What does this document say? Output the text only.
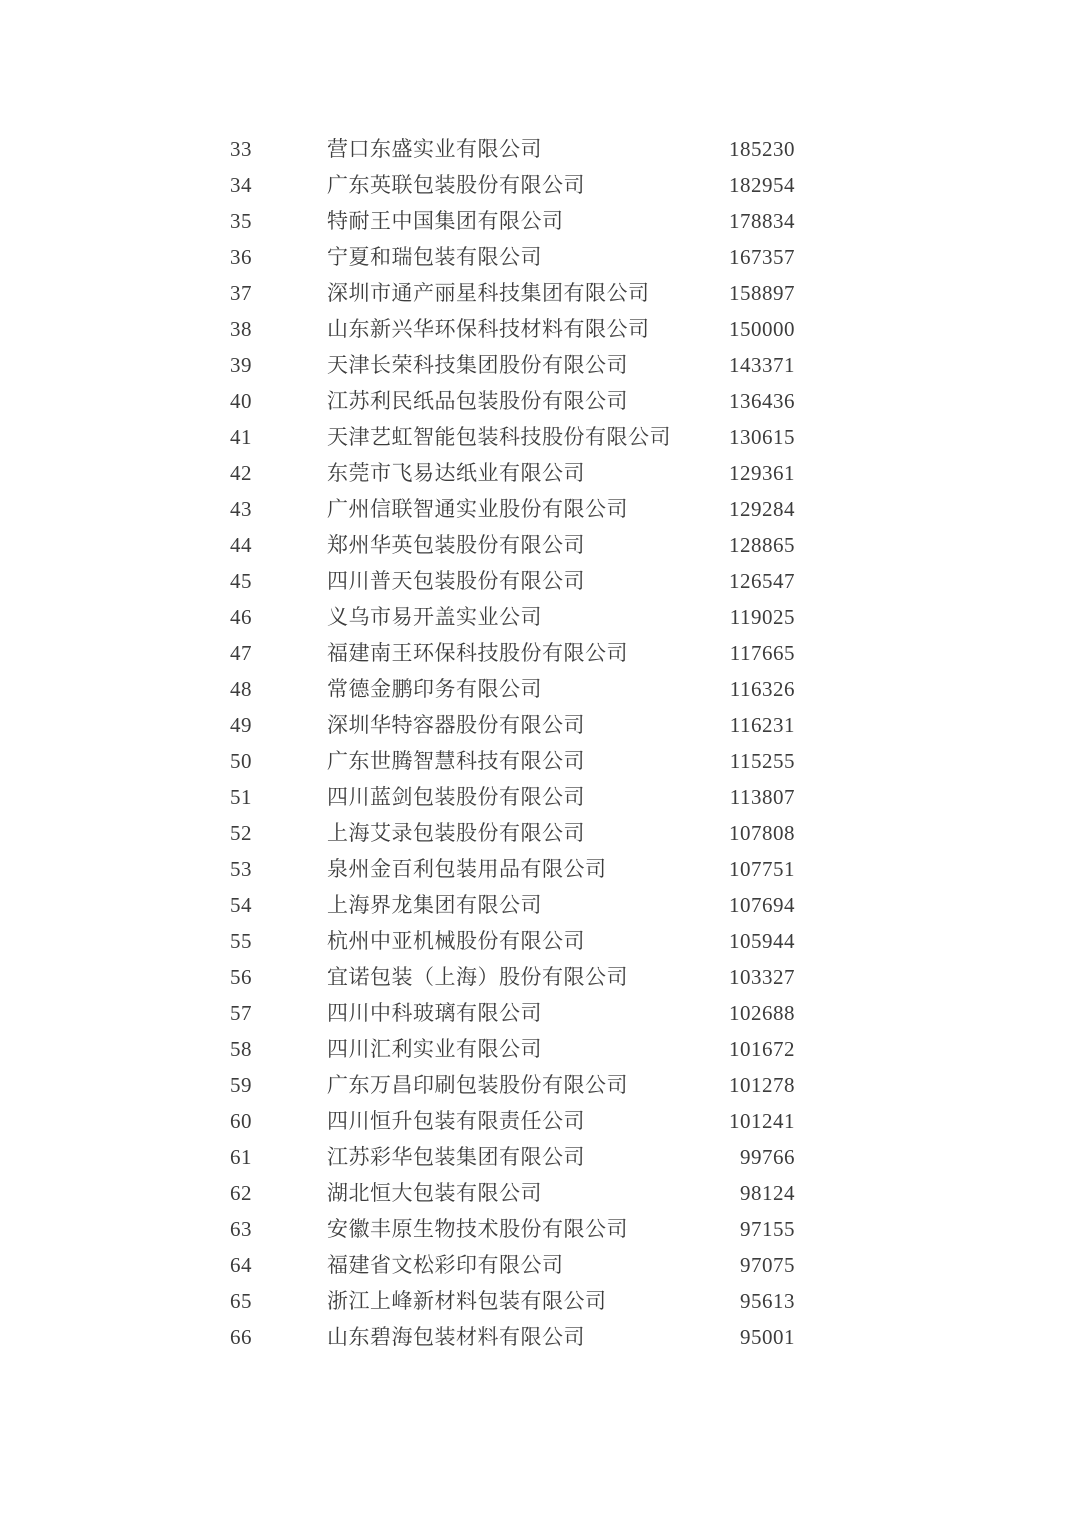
33	营口东盛实业有限公司	185230
34	广东英联包装股份有限公司	182954
35	特耐王中国集团有限公司	178834
36	宁夏和瑞包装有限公司	167357
37	深圳市通产丽星科技集团有限公司	158897
38	山东新兴华环保科技材料有限公司	150000
39	天津长荣科技集团股份有限公司	143371
40	江苏利民纸品包装股份有限公司	136436
41	天津艺虹智能包装科技股份有限公司	130615
42	东莞市飞易达纸业有限公司	129361
43	广州信联智通实业股份有限公司	129284
44	郑州华英包装股份有限公司	128865
45	四川普天包装股份有限公司	126547
46	义乌市易开盖实业公司	119025
47	福建南王环保科技股份有限公司	117665
48	常德金鹏印务有限公司	116326
49	深圳华特容器股份有限公司	116231
50	广东世腾智慧科技有限公司	115255
51	四川蓝剑包装股份有限公司	113807
52	上海艾录包装股份有限公司	107808
53	泉州金百利包装用品有限公司	107751
54	上海界龙集团有限公司	107694
55	杭州中亚机械股份有限公司	105944
56	宜诺包装（上海）股份有限公司	103327
57	四川中科玻璃有限公司	102688
58	四川汇利实业有限公司	101672
59	广东万昌印刷包装股份有限公司	101278
60	四川恒升包装有限责任公司	101241
61	江苏彩华包装集团有限公司	99766
62	湖北恒大包装有限公司	98124
63	安徽丰原生物技术股份有限公司	97155
64	福建省文松彩印有限公司	97075
65	浙江上峰新材料包装有限公司	95613
66	山东碧海包装材料有限公司	95001
